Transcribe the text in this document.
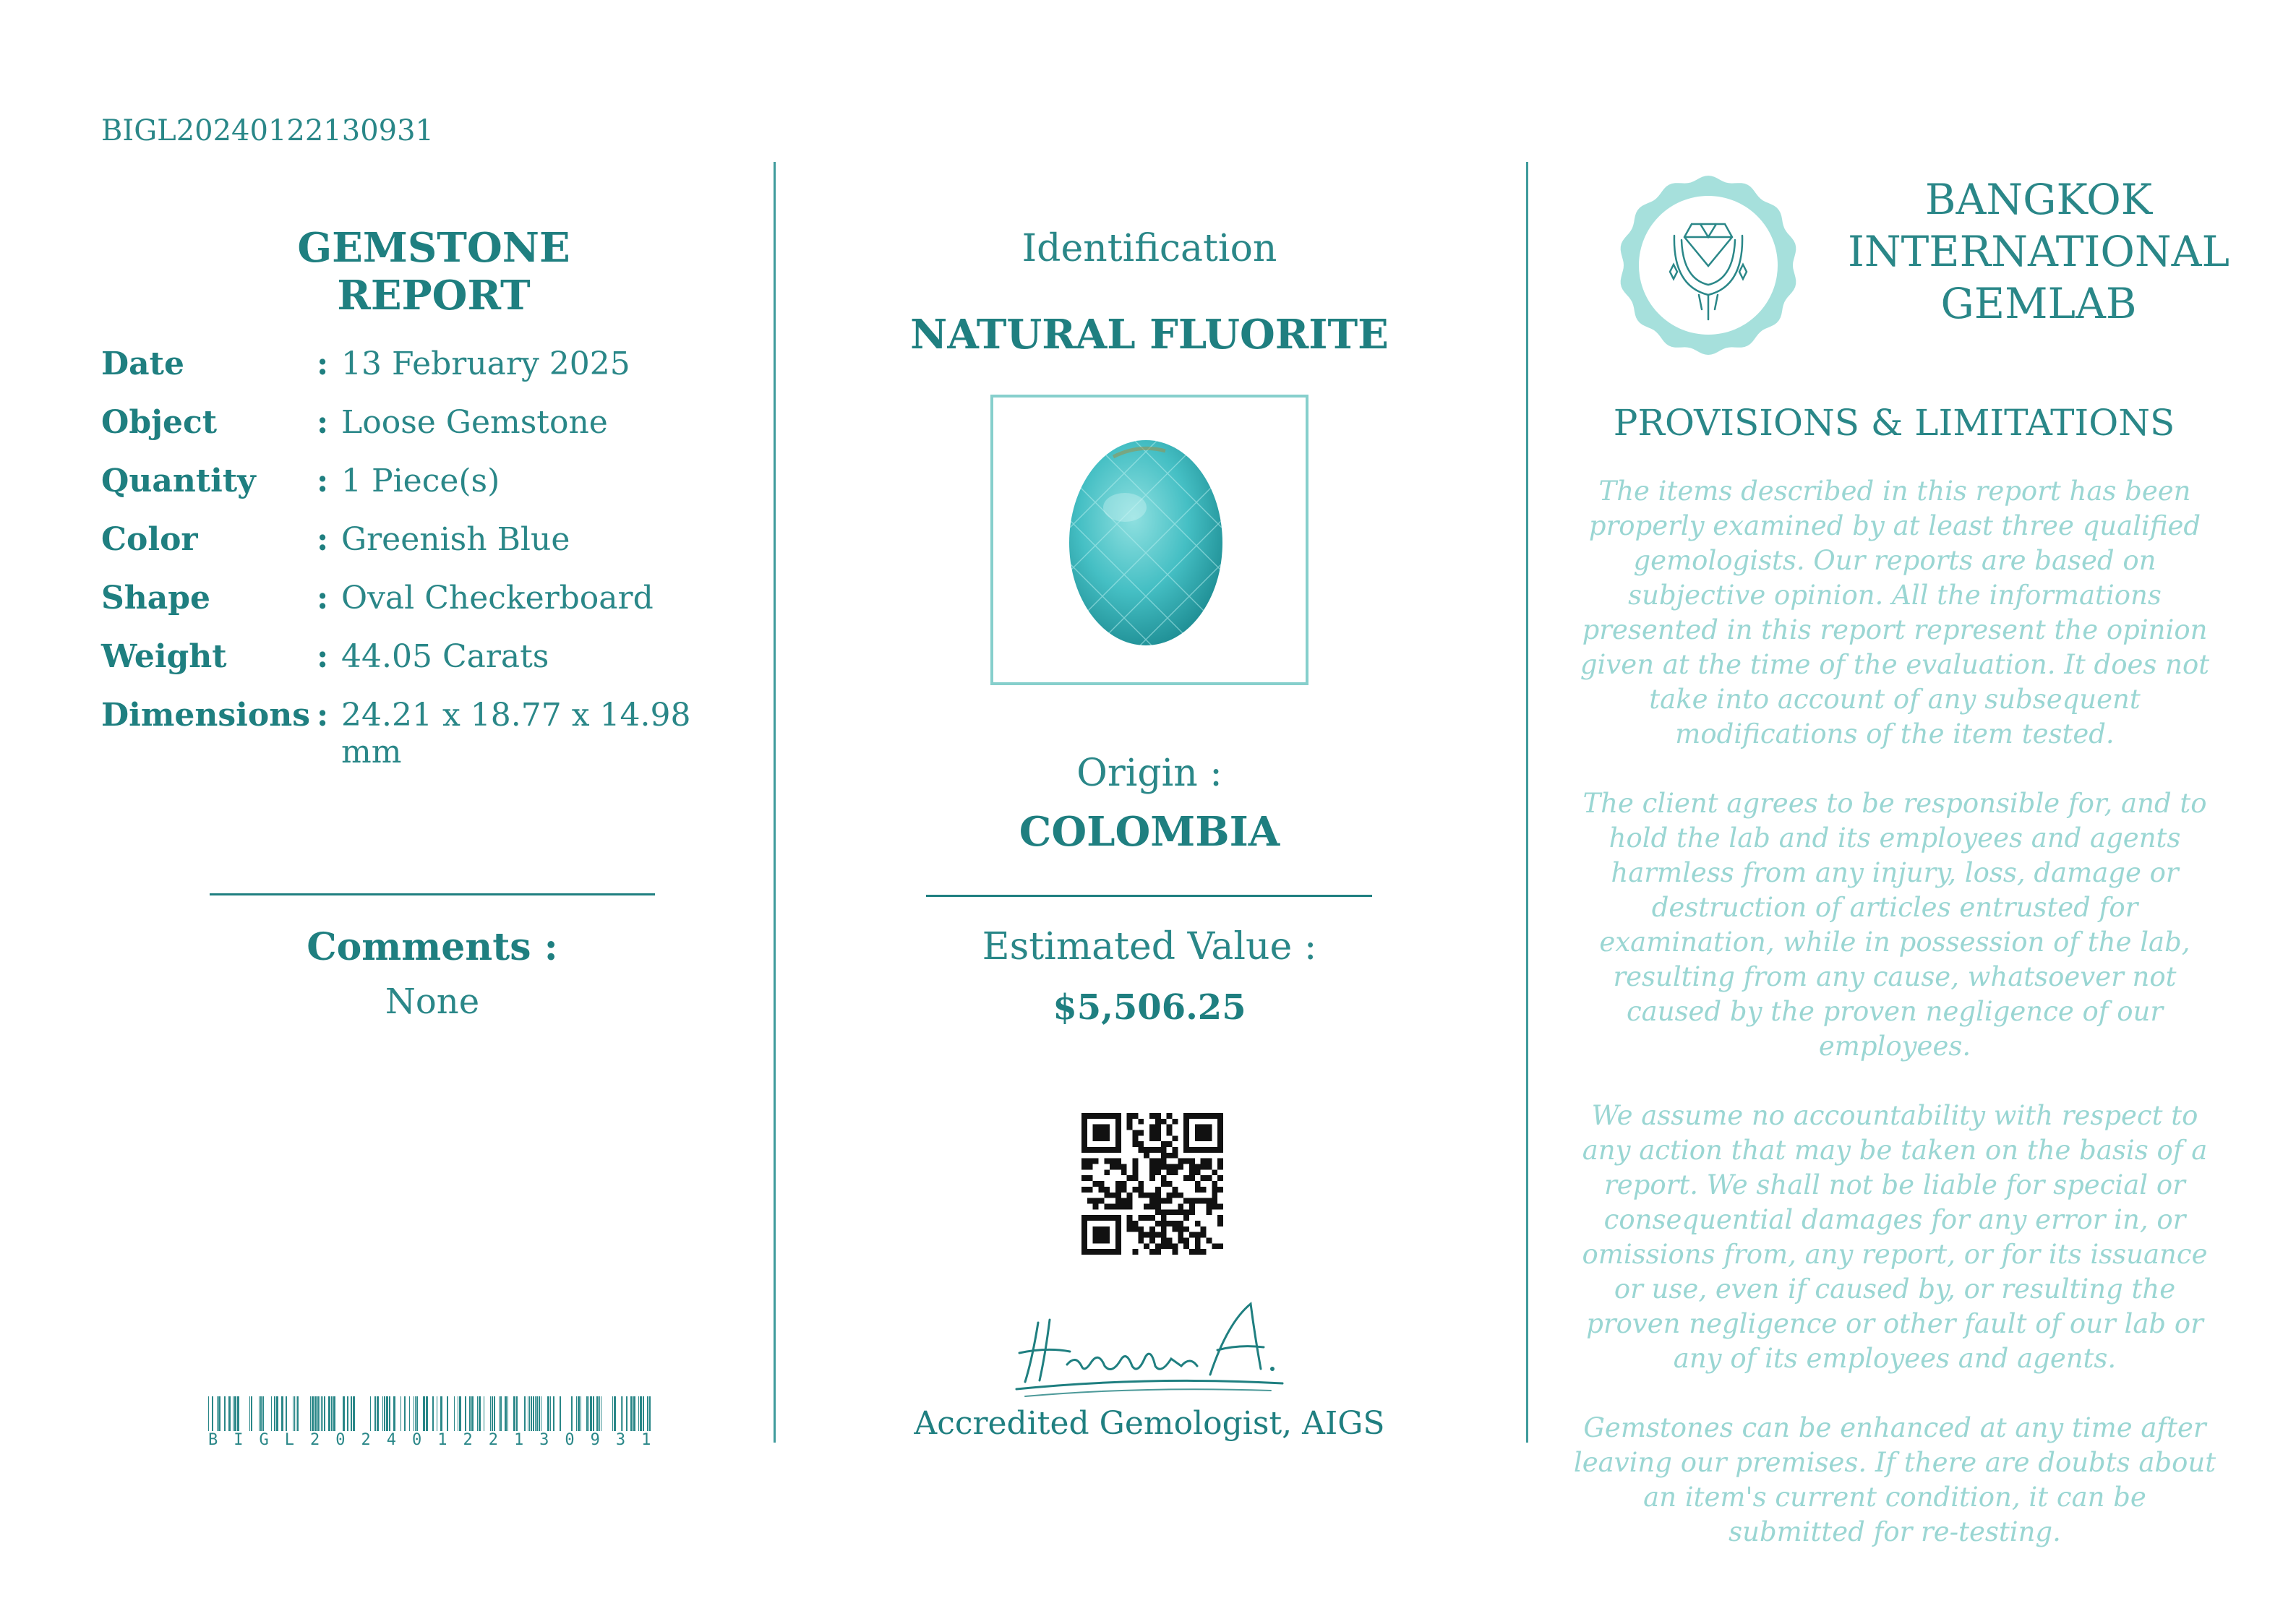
BIGL20240122130931
GEMSTONE REPORT
Date	: 13 February 2025
Object	: Loose Gemstone
Quantity : 1 Piece(s)
Color	: Greenish Blue
Shape	: Oval Checkerboard
Weight	: 44.05 Carats
Dimensions : 24.21 x 18.77 x 14.98 mm
Comments :
None
BIGL20240122130931
Identification
NATURAL FLUORITE
Origin :
COLOMBIA
Estimated Value :
$5,506.25
Accredited Gemologist, AIGS
BANGKOK
INTERNATIONAL
GEMLAB
PROVISIONS & LIMITATIONS

The items described in this report has been properly examined by at least three qualified gemologists. Our reports are based on subjective opinion. All the informations presented in this report represent the opinion given at the time of the evaluation. It does not take into account of any subsequent modifications of the item tested.

The client agrees to be responsible for, and to hold the lab and its employees and agents harmless from any injury, loss, damage or destruction of articles entrusted for examination, while in possession of the lab, resulting from any cause, whatsoever not caused by the proven negligence of our employees.

We assume no accountability with respect to any action that may be taken on the basis of a report. We shall not be liable for special or consequential damages for any error in, or omissions from, any report, or for its issuance or use, even if caused by, or resulting the proven negligence or other fault of our lab or any of its employees and agents.

Gemstones can be enhanced at any time after leaving our premises. If there are doubts about an item's current condition, it can be submitted for re-testing.
